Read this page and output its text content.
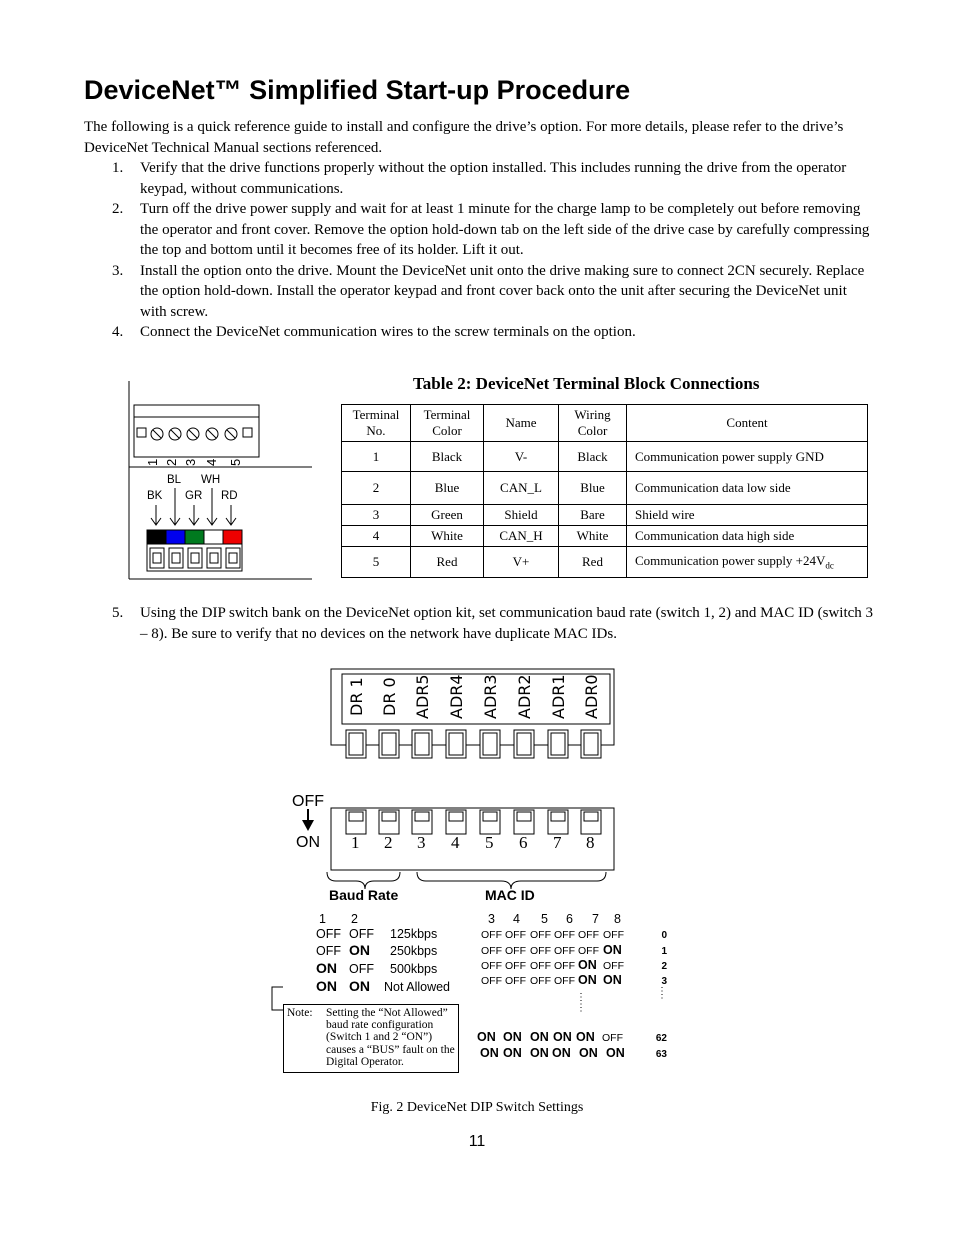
DeviceNet™ Simplified Start-up Procedure

The following is a quick reference guide to install and configure the drive’s option. For more details, please refer to the drive’s DeviceNet Technical Manual sections referenced.

1. Verify that the drive functions properly without the option installed. This includes running the drive from the operator keypad, without communications.
2. Turn off the drive power supply and wait for at least 1 minute for the charge lamp to be completely out before removing the operator and front cover. Remove the option hold-down tab on the left side of the drive case by carefully compressing the top and bottom until it becomes free of its holder. Lift it out.
3. Install the option onto the drive. Mount the DeviceNet unit onto the drive making sure to connect 2CN securely. Replace the option hold-down. Install the operator keypad and front cover back onto the unit after securing the DeviceNet unit with screw.
4. Connect the DeviceNet communication wires to the screw terminals on the option.
1 2 3 4 5
BL WH
BK GR RD
Table 2: DeviceNet Terminal Block Connections
Terminal No.	Terminal Color	Name	Wiring Color	Content
1	Black	V-	Black	Communication power supply GND
2	Blue	CAN_L	Blue	Communication data low side
3	Green	Shield	Bare	Shield wire
4	White	CAN_H	White	Communication data high side
5	Red	V+	Red	Communication power supply $+24V_{dc}$
5. Using the DIP switch bank on the DeviceNet option kit, set communication baud rate (switch 1, 2) and MAC ID (switch 3 – 8). Be sure to verify that no devices on the network have duplicate MAC IDs.
DR 1 DR 0 ADR5 ADR4 ADR3 ADR2 ADR1 ADR0
1 2 3 4 5 6 7 8
OFF
ON
Baud Rate	MAC ID
1 2
OFF OFF 125kbps
OFF ON 250kbps
ON OFF 500kbps
ON ON Not Allowed
3 4 5 6 7 8
OFF OFF OFF OFF OFF OFF	0
OFF OFF OFF OFF OFF ON	1
OFF OFF OFF OFF ON OFF	2
OFF OFF OFF OFF ON ON	3
ON ON ON ON ON OFF	62
ON ON ON ON ON ON	63
Note: Setting the “Not Allowed” baud rate configuration (Switch 1 and 2 “ON”) causes a “BUS” fault on the Digital Operator.
Fig. 2 DeviceNet DIP Switch Settings
11
